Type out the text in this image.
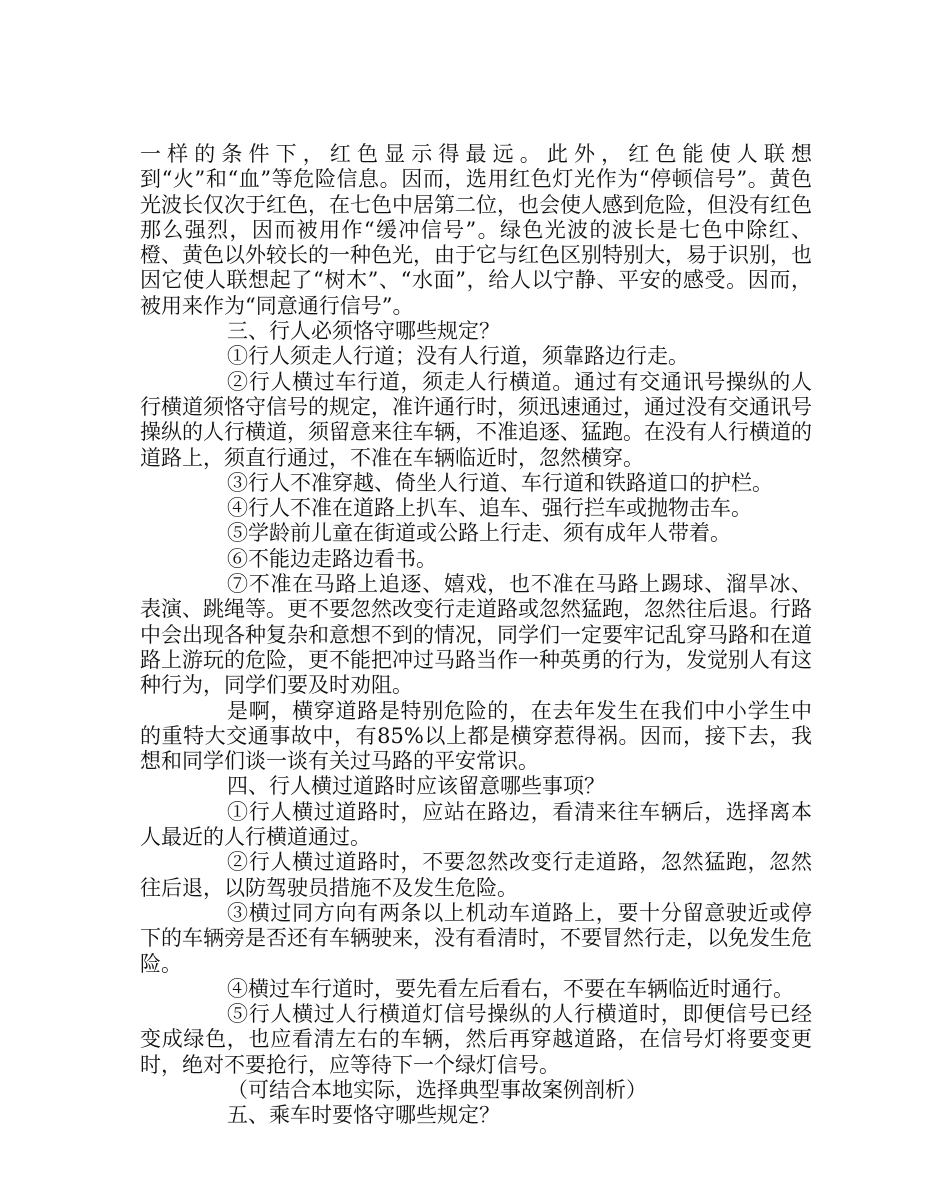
一样的条件下，红色显示得最远。此外，红色能使人联想到“火”和“血”等危险信息。因而，选用红色灯光作为“停顿信号”。黄色光波长仅次于红色，在七色中居第二位，也会使人感到危险，但没有红色那么强烈，因而被用作“缓冲信号”。绿色光波的波长是七色中除红、橙、黄色以外较长的一种色光，由于它与红色区别特别大，易于识别，也因它使人联想起了“树木”、“水面”，给人以宁静、平安的感受。因而，被用来作为“同意通行信号”。

三、行人必须恪守哪些规定？

①行人须走人行道；没有人行道，须靠路边行走。

②行人横过车行道，须走人行横道。通过有交通讯号操纵的人行横道须恪守信号的规定，准许通行时，须迅速通过，通过没有交通讯号操纵的人行横道，须留意来往车辆，不准追逐、猛跑。在没有人行横道的道路上，须直行通过，不准在车辆临近时，忽然横穿。

③行人不准穿越、倚坐人行道、车行道和铁路道口的护栏。

④行人不准在道路上扒车、追车、强行拦车或抛物击车。

⑤学龄前儿童在街道或公路上行走、须有成年人带着。

⑥不能边走路边看书。

⑦不准在马路上追逐、嬉戏，也不准在马路上踢球、溜旱冰、表演、跳绳等。更不要忽然改变行走道路或忽然猛跑，忽然往后退。行路中会出现各种复杂和意想不到的情况，同学们一定要牢记乱穿马路和在道路上游玩的危险，更不能把冲过马路当作一种英勇的行为，发觉别人有这种行为，同学们要及时劝阻。

是啊，横穿道路是特别危险的，在去年发生在我们中小学生中的重特大交通事故中，有85%以上都是横穿惹得祸。因而，接下去，我想和同学们谈一谈有关过马路的平安常识。

四、行人横过道路时应该留意哪些事项？

①行人横过道路时，应站在路边，看清来往车辆后，选择离本人最近的人行横道通过。

②行人横过道路时，不要忽然改变行走道路，忽然猛跑，忽然往后退，以防驾驶员措施不及发生危险。

③横过同方向有两条以上机动车道路上，要十分留意驶近或停下的车辆旁是否还有车辆驶来，没有看清时，不要冒然行走，以免发生危险。

④横过车行道时，要先看左后看右，不要在车辆临近时通行。

⑤行人横过人行横道灯信号操纵的人行横道时，即便信号已经变成绿色，也应看清左右的车辆，然后再穿越道路，在信号灯将要变更时，绝对不要抢行，应等待下一个绿灯信号。

（可结合本地实际，选择典型事故案例剖析）

五、乘车时要恪守哪些规定？
